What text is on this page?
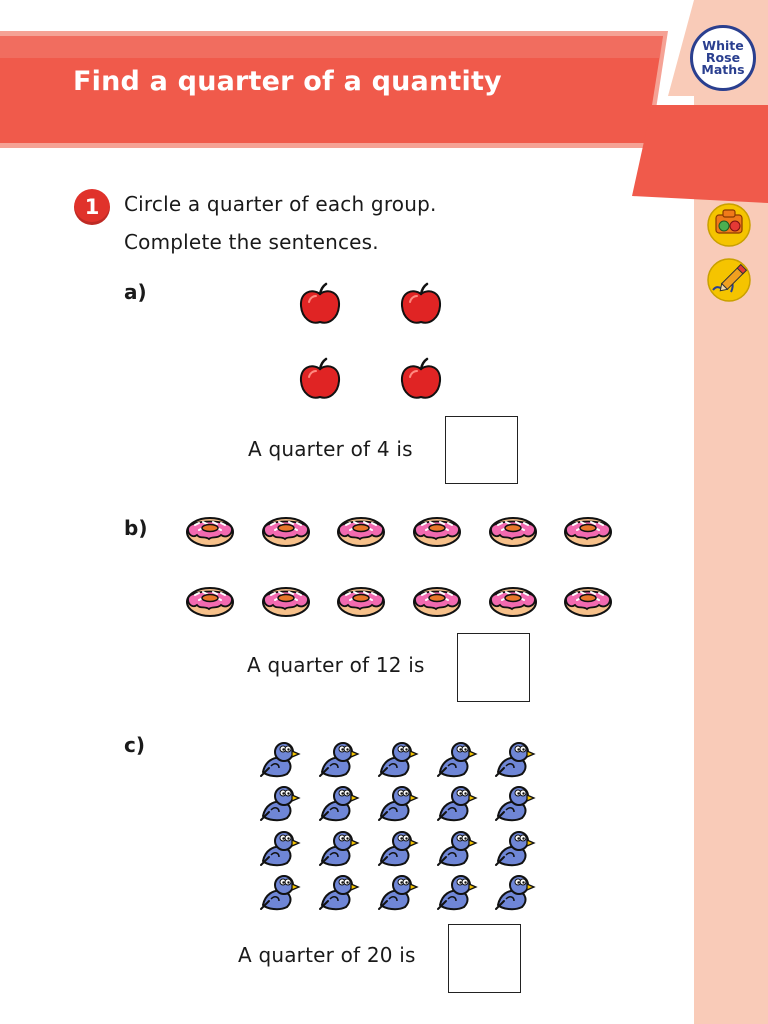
Find a quarter of a quantity
White
Rose
Maths
1	Circle a quarter of each group.
Complete the sentences.
a)
b)
c)
A quarter of 4 is
A quarter of 12 is
A quarter of 20 is
